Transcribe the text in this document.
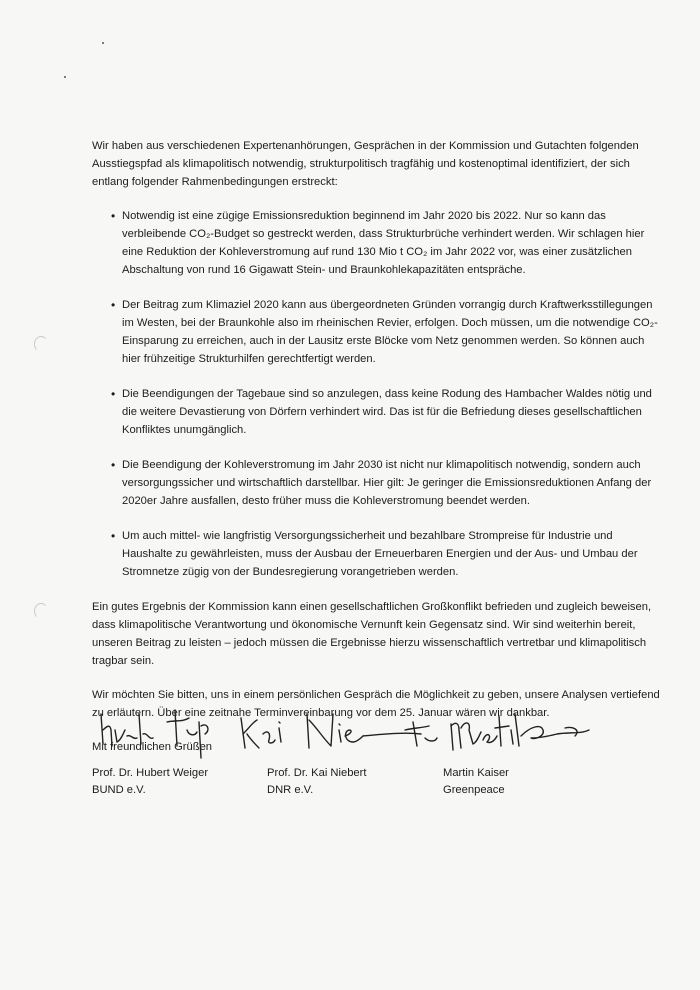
Wir haben aus verschiedenen Expertenanhörungen, Gesprächen in der Kommission und Gutachten folgenden Ausstiegspfad als klimapolitisch notwendig, strukturpolitisch tragfähig und kostenoptimal identifiziert, der sich entlang folgender Rahmenbedingungen erstreckt:

• Notwendig ist eine zügige Emissionsreduktion beginnend im Jahr 2020 bis 2022. Nur so kann das verbleibende CO₂-Budget so gestreckt werden, dass Strukturbrüche verhindert werden. Wir schlagen hier eine Reduktion der Kohleverstromung auf rund 130 Mio t CO₂ im Jahr 2022 vor, was einer zusätzlichen Abschaltung von rund 16 Gigawatt Stein- und Braunkohlekapazitäten entspräche.
• Der Beitrag zum Klimaziel 2020 kann aus übergeordneten Gründen vorrangig durch Kraftwerksstillegungen im Westen, bei der Braunkohle also im rheinischen Revier, erfolgen. Doch müssen, um die notwendige CO₂-Einsparung zu erreichen, auch in der Lausitz erste Blöcke vom Netz genommen werden. So können auch hier frühzeitige Strukturhilfen gerechtfertigt werden.
• Die Beendigungen der Tagebaue sind so anzulegen, dass keine Rodung des Hambacher Waldes nötig und die weitere Devastierung von Dörfern verhindert wird. Das ist für die Befriedung dieses gesellschaftlichen Konfliktes unumgänglich.
• Die Beendigung der Kohleverstromung im Jahr 2030 ist nicht nur klimapolitisch notwendig, sondern auch versorgungssicher und wirtschaftlich darstellbar. Hier gilt: Je geringer die Emissionsreduktionen Anfang der 2020er Jahre ausfallen, desto früher muss die Kohleverstromung beendet werden.
• Um auch mittel- wie langfristig Versorgungssicherheit und bezahlbare Strompreise für Industrie und Haushalte zu gewährleisten, muss der Ausbau der Erneuerbaren Energien und der Aus- und Umbau der Stromnetze zügig von der Bundesregierung vorangetrieben werden.

Ein gutes Ergebnis der Kommission kann einen gesellschaftlichen Großkonflikt befrieden und zugleich beweisen, dass klimapolitische Verantwortung und ökonomische Vernunft kein Gegensatz sind. Wir sind weiterhin bereit, unseren Beitrag zu leisten – jedoch müssen die Ergebnisse hierzu wissenschaftlich vertretbar und klimapolitisch tragbar sein.

Wir möchten Sie bitten, uns in einem persönlichen Gespräch die Möglichkeit zu geben, unsere Analysen vertiefend zu erläutern. Über eine zeitnahe Terminvereinbarung vor dem 25. Januar wären wir dankbar.

Mit freundlichen Grüßen

Prof. Dr. Hubert Weiger
BUND e.V.
Prof. Dr. Kai Niebert
DNR e.V.
Martin Kaiser
Greenpeace
